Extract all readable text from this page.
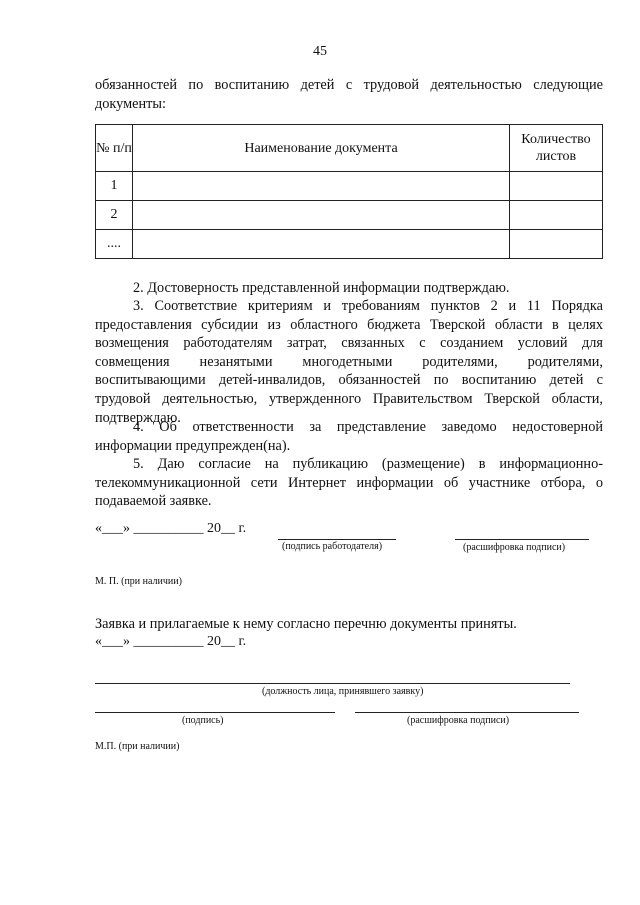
45
обязанностей по воспитанию детей с трудовой деятельностью следующие документы:
№ п/п	Наименование документа	Количество листов
1		
2		
....		
2. Достоверность представленной информации подтверждаю.
3. Соответствие критериям и требованиям пунктов 2 и 11 Порядка предоставления субсидии из областного бюджета Тверской области в целях возмещения работодателям затрат, связанных с созданием условий для совмещения незанятыми многодетными родителями, родителями, воспитывающими детей-инвалидов, обязанностей по воспитанию детей с трудовой деятельностью, утвержденного Правительством Тверской области, подтверждаю.
4. Об ответственности за представление заведомо недостоверной информации предупрежден(на).
5. Даю согласие на публикацию (размещение) в информационно-телекоммуникационной сети Интернет информации об участнике отбора, о подаваемой заявке.
«___» __________ 20__ г.
(подпись работодателя)	(расшифровка подписи)
М. П. (при наличии)
Заявка и прилагаемые к нему согласно перечню документы приняты.
«___» __________ 20__ г.
(должность лица, принявшего заявку)
(подпись)	(расшифровка подписи)
М.П. (при наличии)
